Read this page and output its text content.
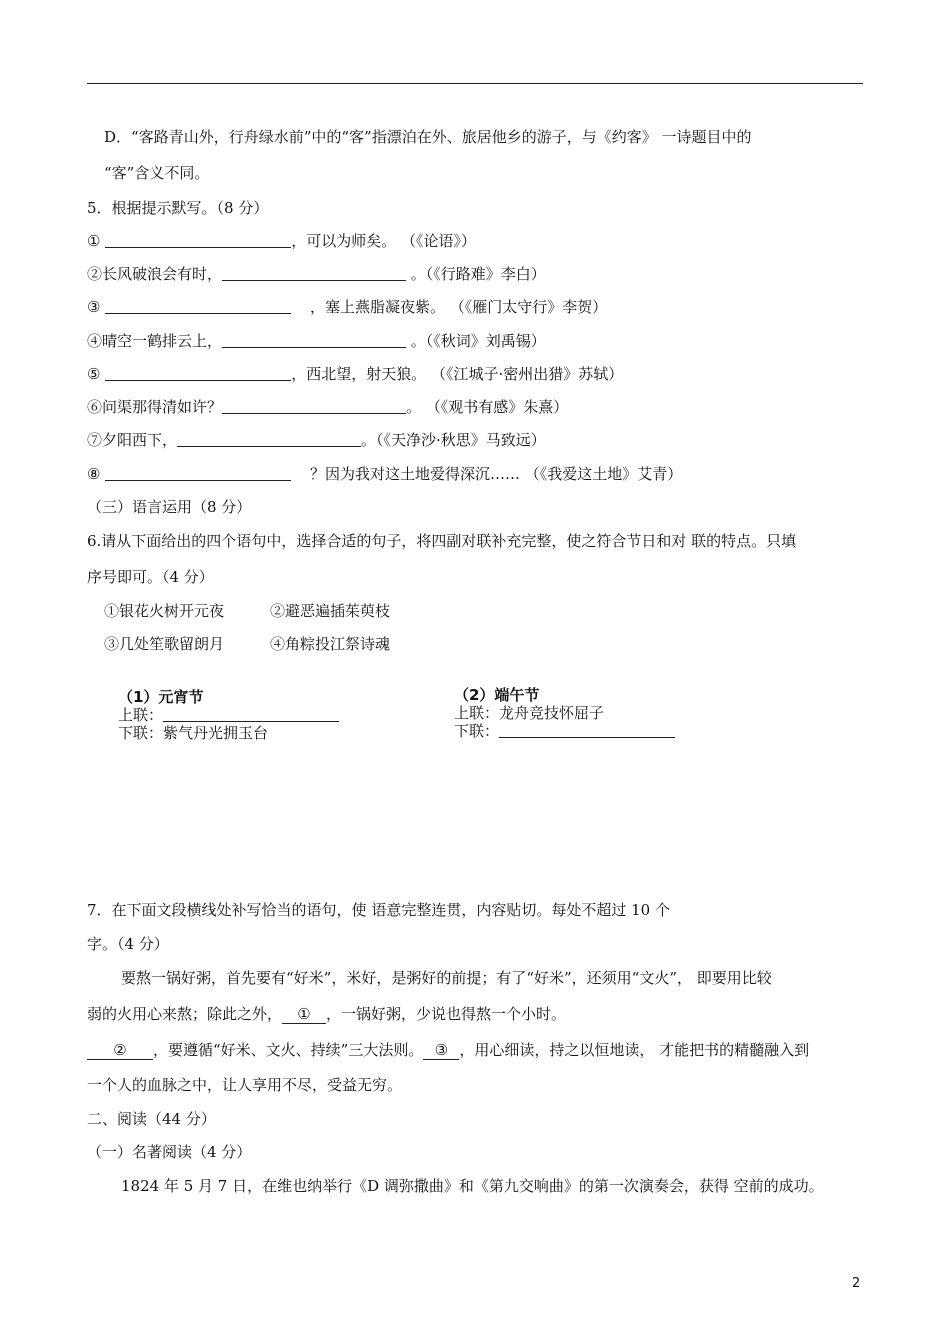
D．“客路青山外，行舟绿水前”中的“客”指漂泊在外、旅居他乡的游子，与《约客》 一诗题目中的
“客”含义不同。
5．根据提示默写。（8 分）
①	，可以为师矣。 （《论语》）
②长风破浪会有时，	。（《行路难》李白）
③	，塞上燕脂凝夜紫。 （《雁门太守行》李贺）
④晴空一鹤排云上，	。（《秋词》刘禹锡）
⑤	，西北望，射天狼。 （《江城子·密州出猎》苏轼）
⑥问渠那得清如许？	。 （《观书有感》朱熹）
⑦夕阳西下，	。（《天净沙·秋思》马致远）
⑧	？因为我对这土地爱得深沉…… （《我爱这土地》艾青）
（三）语言运用（8 分）
6.请从下面给出的四个语句中，选择合适的句子，将四副对联补充完整，使之符合节日和对 联的特点。只填
序号即可。（4 分）
①银花火树开元夜	②避恶遍插茱萸枝
③几处笙歌留朗月	④角粽投江祭诗魂
（1）元宵节
上联：
下联：紫气丹光拥玉台
（2）端午节
上联：龙舟竞技怀屈子
下联：
7．在下面文段横线处补写恰当的语句，使 语意完整连贯，内容贴切。每处不超过 10 个
字。（4 分）
要熬一锅好粥，首先要有“好米”，米好，是粥好的前提；有了“好米”，还须用“文火”， 即要用比较
弱的火用心来熬；除此之外， ① ，一锅好粥，少说也得熬一个小时。
② ，要遵循“好米、文火、持续”三大法则。 ③ ，用心细读，持之以恒地读， 才能把书的精髓融入到
一个人的血脉之中，让人享用不尽，受益无穷。
二、阅读（44 分）
（一）名著阅读（4 分）
1824 年 5 月 7 日，在维也纳举行《D 调弥撒曲》和《第九交响曲》的第一次演奏会，获得 空前的成功。
2
